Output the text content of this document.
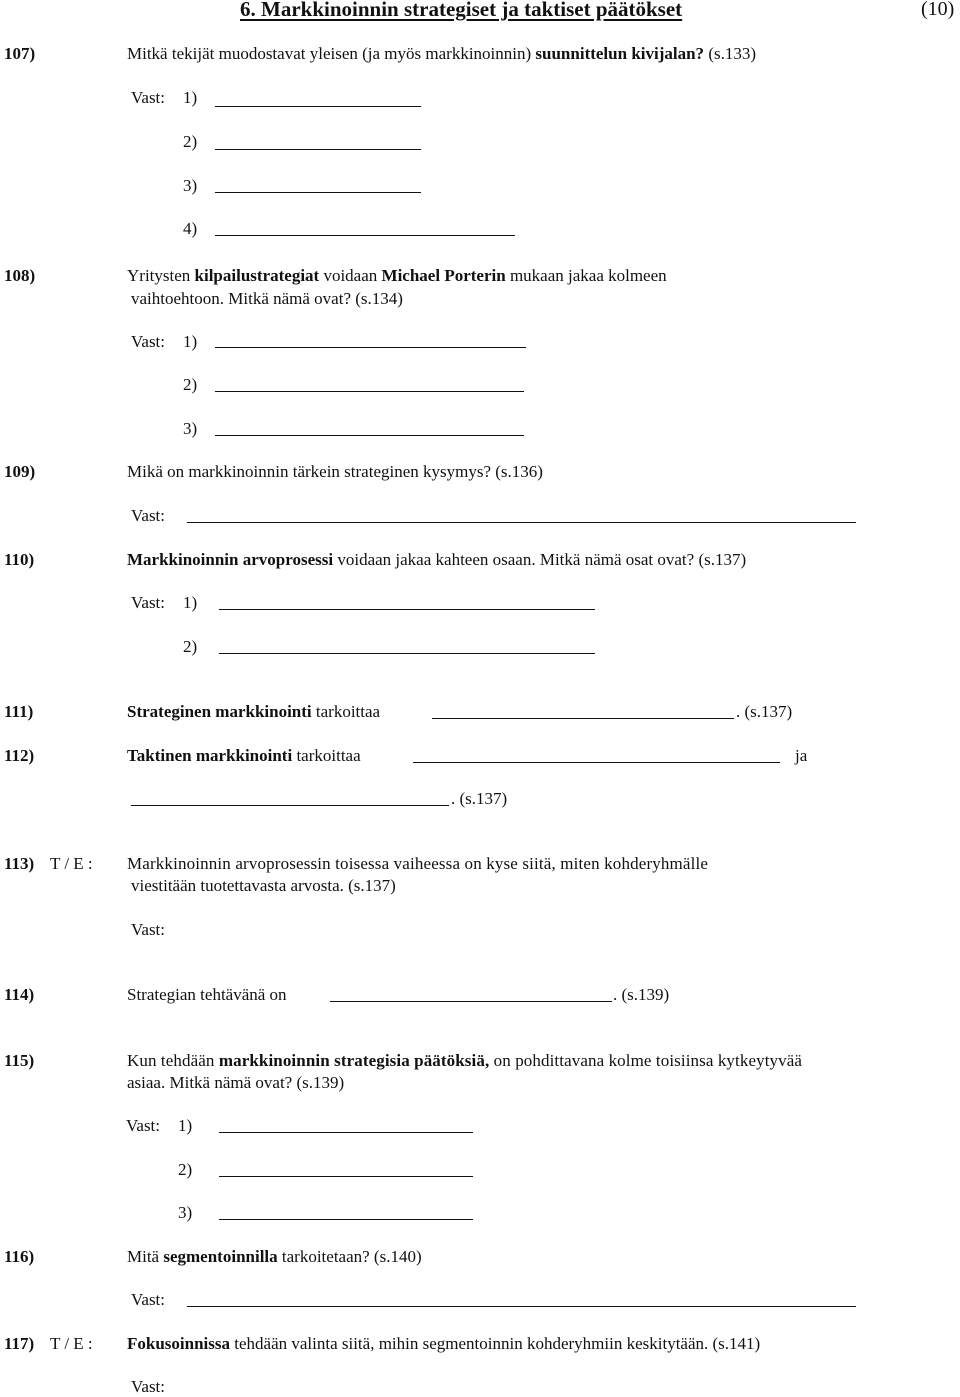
6. Markkinoinnin strategiset ja taktiset päätökset	(10)
107)	Mitkä tekijät muodostavat yleisen (ja myös markkinoinnin) suunnittelun kivijalan? (s.133)
Vast: 1)
2)
3)
4)
108)	Yritysten kilpailustrategiat voidaan Michael Porterin mukaan jakaa kolmeen
vaihtoehtoon. Mitkä nämä ovat? (s.134)
Vast: 1)
2)
3)
109)	Mikä on markkinoinnin tärkein strateginen kysymys? (s.136)
Vast:
110)	Markkinoinnin arvoprosessi voidaan jakaa kahteen osaan. Mitkä nämä osat ovat? (s.137)
Vast: 1)
2)
111)	Strateginen markkinointi tarkoittaa	. (s.137)
112)	Taktinen markkinointi tarkoittaa	ja
. (s.137)
113) T / E : Markkinoinnin arvoprosessin toisessa vaiheessa on kyse siitä, miten kohderyhmälle
viestitään tuotettavasta arvosta. (s.137)
Vast:
114)	Strategian tehtävänä on	. (s.139)
115)	Kun tehdään markkinoinnin strategisia päätöksiä, on pohdittavana kolme toisiinsa kytkeytyvää
asiaa. Mitkä nämä ovat? (s.139)
Vast: 1)
2)
3)
116)	Mitä segmentoinnilla tarkoitetaan? (s.140)
Vast:
117) T / E : Fokusoinnissa tehdään valinta siitä, mihin segmentoinnin kohderyhmiin keskitytään. (s.141)
Vast:
